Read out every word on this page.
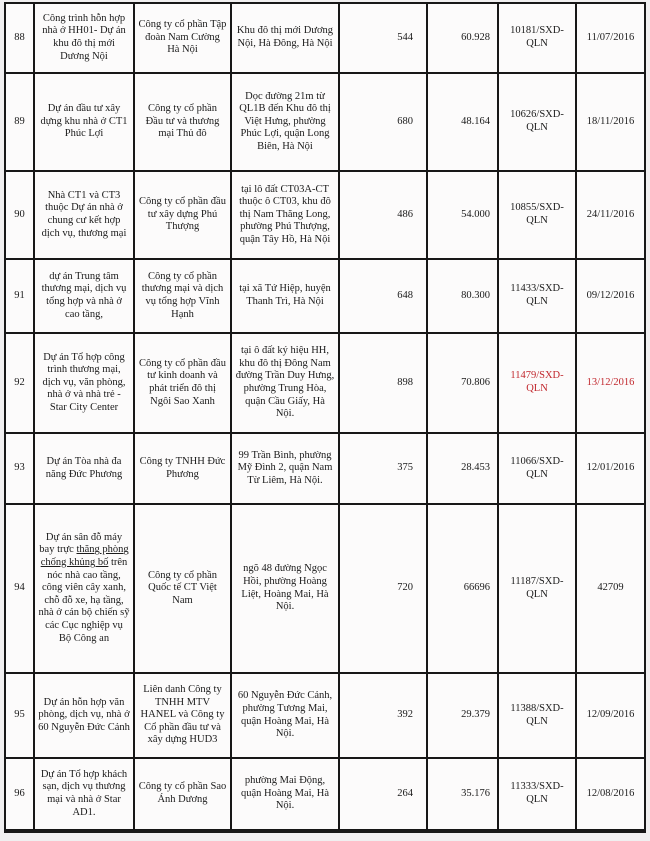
88	Công trình hỗn hợp nhà ở HH01- Dự án khu đô thị mới Dương Nội	Công ty cổ phần Tập đoàn Nam Cường Hà Nội	Khu đô thị mới Dương Nội, Hà Đông, Hà Nội	544	60.928	10181/SXD-QLN	11/07/2016
89	Dự án đầu tư xây dựng khu nhà ở CT1 Phúc Lợi	Công ty cổ phần Đầu tư và thương mại Thủ đô	Dọc đường 21m từ QL1B đến Khu đô thị Việt Hưng, phường Phúc Lợi, quận Long Biên, Hà Nội	680	48.164	10626/SXD-QLN	18/11/2016
90	Nhà CT1 và CT3 thuộc Dự án nhà ở chung cư kết hợp dịch vụ, thương mại	Công ty cổ phần đầu tư xây dựng Phú Thượng	tại lô đất CT03A-CT thuộc ô CT03, khu đô thị Nam Thăng Long, phường Phú Thượng, quận Tây Hồ, Hà Nội	486	54.000	10855/SXD-QLN	24/11/2016
91	dự án Trung tâm thương mại, dịch vụ tổng hợp và nhà ở cao tầng,	Công ty cổ phần thương mại và dịch vụ tổng hợp Vĩnh Hạnh	tại xã Tứ Hiệp, huyện Thanh Trì, Hà Nội	648	80.300	11433/SXD-QLN	09/12/2016
92	Dự án Tổ hợp công trình thương mại, dịch vụ, văn phòng, nhà ở và nhà trẻ - Star City Center	Công ty cổ phần đầu tư kinh doanh và phát triển đô thị Ngôi Sao Xanh	tại ô đất ký hiệu HH, khu đô thị Đông Nam đường Trần Duy Hưng, phường Trung Hòa, quận Cầu Giấy, Hà Nội.	898	70.806	11479/SXD-QLN	13/12/2016
93	Dự án Tòa nhà đa năng Đức Phương	Công ty TNHH Đức Phương	99 Trần Bình, phường Mỹ Đình 2, quận Nam Từ Liêm, Hà Nội.	375	28.453	11066/SXD-QLN	12/01/2016
94	Dự án sân đỗ máy bay trực thăng phòng chống khủng bố trên nóc nhà cao tầng, công viên cây xanh, chỗ đỗ xe, hạ tầng, nhà ở cán bộ chiến sỹ các Cục nghiệp vụ Bộ Công an	Công ty cổ phần Quốc tế CT Việt Nam	ngõ 48 đường Ngọc Hồi, phường Hoàng Liệt, Hoàng Mai, Hà Nội.	720	66696	11187/SXD-QLN	42709
95	Dự án hỗn hợp văn phòng, dịch vụ, nhà ở 60 Nguyễn Đức Cảnh	Liên danh Công ty TNHH MTV HANEL và Công ty Cổ phần đầu tư và xây dựng HUD3	60 Nguyễn Đức Cảnh, phường Tương Mai, quận Hoàng Mai, Hà Nội.	392	29.379	11388/SXD-QLN	12/09/2016
96	Dự án Tổ hợp khách sạn, dịch vụ thương mại và nhà ở Star AD1.	Công ty cổ phần Sao Ánh Dương	phường Mai Động, quận Hoàng Mai, Hà Nội.	264	35.176	11333/SXD-QLN	12/08/2016
